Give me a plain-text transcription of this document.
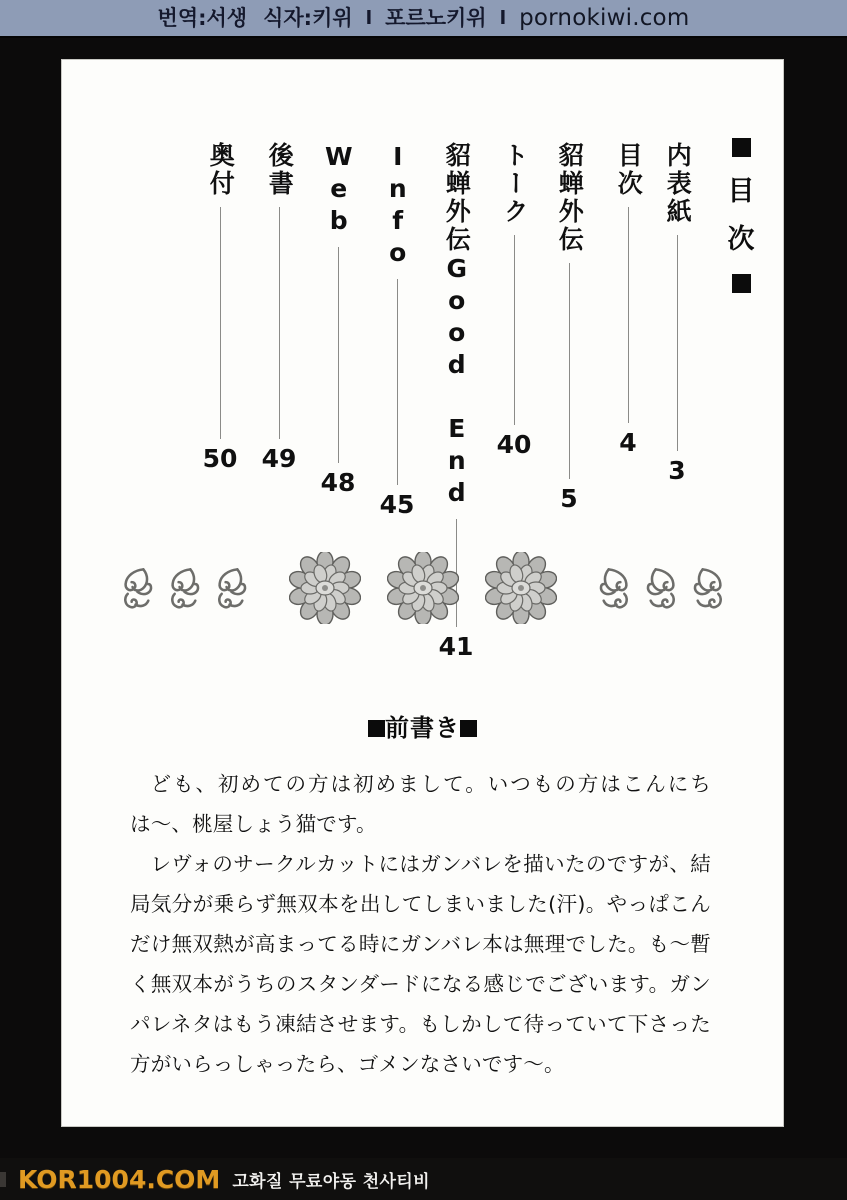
번역:서생 식자:키위 l 포르노키위 l pornokiwi.com
奥付
50
後書
49
Web
48
Info
45
貂蝉外伝
Good End
41
トーク
40
貂蝉外伝
5
目次
4
内表紙
3
目
次
前書き

ども、初めての方は初めまして。いつもの方はこんにちは〜、桃屋しょう猫です。

レヴォのサークルカットにはガンバレを描いたのですが、結局気分が乗らず無双本を出してしまいました(汗)。やっぱこんだけ無双熱が高まってる時にガンバレ本は無理でした。も〜暫く無双本がうちのスタンダードになる感じでございます。ガンパレネタはもう凍結させます。もしかして待っていて下さった方がいらっしゃったら、ゴメンなさいです〜。

KOR1004.COM 고화질 무료야동 천사티비
